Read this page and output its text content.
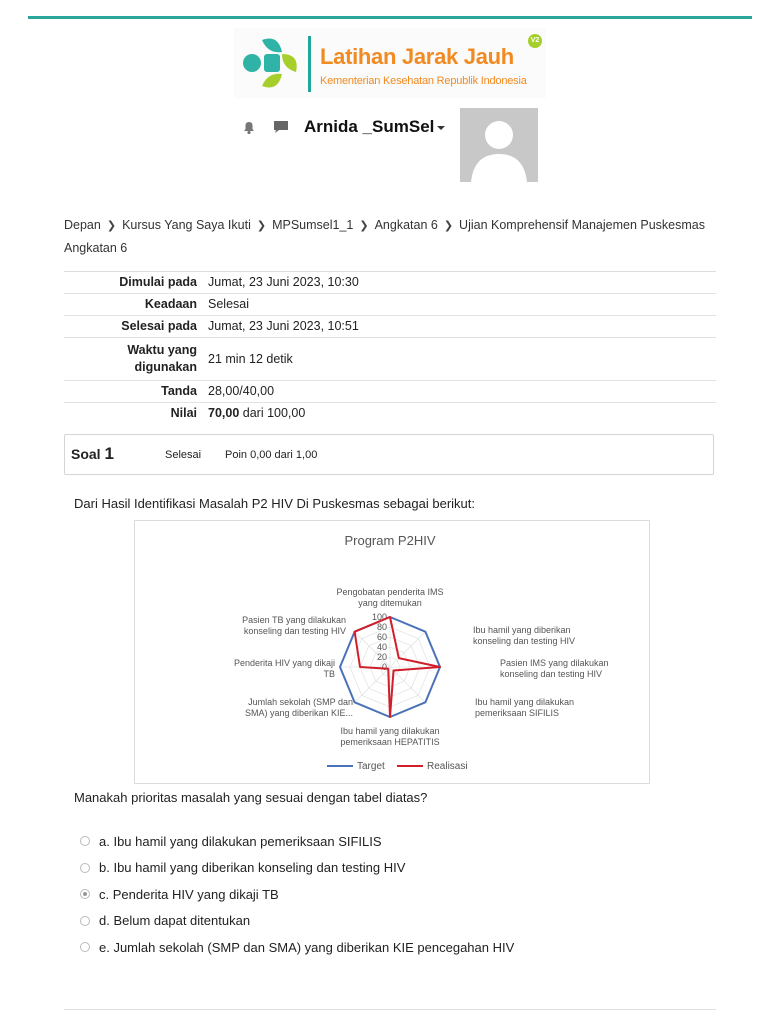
Latihan Jarak Jauh
Kementerian Kesehatan Republik Indonesia
V2
Arnida _SumSel
Depan ❯ Kursus Yang Saya Ikuti ❯ MPSumsel1_1 ❯ Angkatan 6 ❯ Ujian Komprehensif Manajemen Puskesmas Angkatan 6
Dimulai pada Jumat, 23 Juni 2023, 10:30
Keadaan Selesai
Selesai pada Jumat, 23 Juni 2023, 10:51
Waktu yang
digunakan
21 min 12 detik
Tanda 28,00/40,00
Nilai 70,00 dari 100,00
Soal 1	Selesai Poin 0,00 dari 1,00
Dari Hasil Identifikasi Masalah P2 HIV Di Puskesmas sebagai berikut:
Program P2HIV
0
20
40
60
80
100
Pengobatan penderita IMS
yang ditemukan
Ibu hamil yang diberikan
konseling dan testing HIV
Pasien IMS yang dilakukan
konseling dan testing HIV
Ibu hamil yang dilakukan
pemeriksaan SIFILIS
Ibu hamil yang dilakukan
pemeriksaan HEPATITIS
Jumlah sekolah (SMP dan
SMA) yang diberikan KIE...
Penderita HIV yang dikaji
TB
Pasien TB yang dilakukan
konseling dan testing HIV
Target	Realisasi
Manakah prioritas masalah yang sesuai dengan tabel diatas?
a. Ibu hamil yang dilakukan pemeriksaan SIFILIS
b. Ibu hamil yang diberikan konseling dan testing HIV
c. Penderita HIV yang dikaji TB
d. Belum dapat ditentukan
e. Jumlah sekolah (SMP dan SMA) yang diberikan KIE pencegahan HIV
